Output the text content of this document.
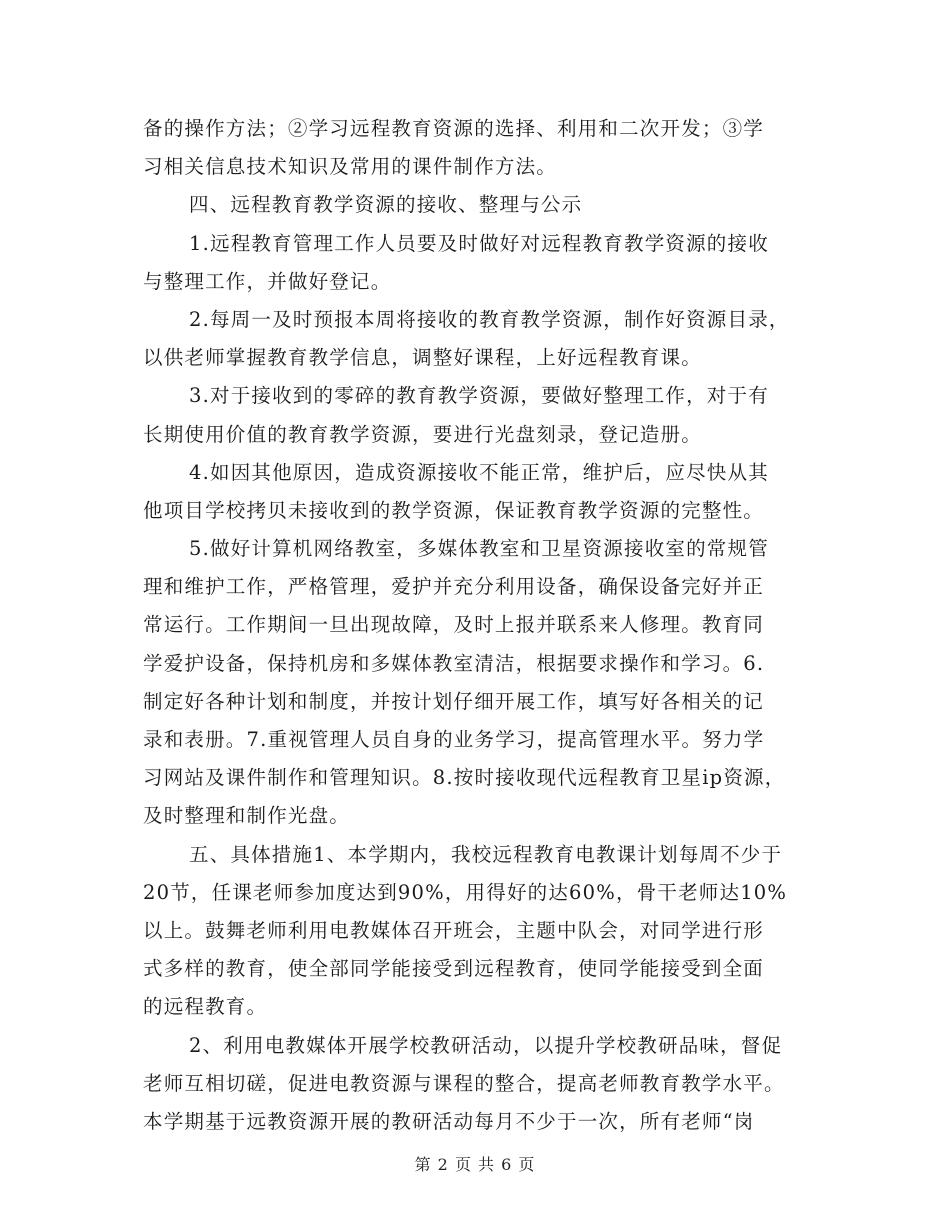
备的操作方法；②学习远程教育资源的选择、利用和二次开发；③学
习相关信息技术知识及常用的课件制作方法。
四、远程教育教学资源的接收、整理与公示
1.远程教育管理工作人员要及时做好对远程教育教学资源的接收
与整理工作，并做好登记。
2.每周一及时预报本周将接收的教育教学资源，制作好资源目录，
以供老师掌握教育教学信息，调整好课程，上好远程教育课。
3.对于接收到的零碎的教育教学资源，要做好整理工作，对于有
长期使用价值的教育教学资源，要进行光盘刻录，登记造册。
4.如因其他原因，造成资源接收不能正常，维护后，应尽快从其
他项目学校拷贝未接收到的教学资源，保证教育教学资源的完整性。
5.做好计算机网络教室，多媒体教室和卫星资源接收室的常规管
理和维护工作，严格管理，爱护并充分利用设备，确保设备完好并正
常运行。工作期间一旦出现故障，及时上报并联系来人修理。教育同
学爱护设备，保持机房和多媒体教室清洁，根据要求操作和学习。6.
制定好各种计划和制度，并按计划仔细开展工作，填写好各相关的记
录和表册。7.重视管理人员自身的业务学习，提高管理水平。努力学
习网站及课件制作和管理知识。8.按时接收现代远程教育卫星ip资源，
及时整理和制作光盘。
五、具体措施1、本学期内，我校远程教育电教课计划每周不少于
20节，任课老师参加度达到90%，用得好的达60%，骨干老师达10%
以上。鼓舞老师利用电教媒体召开班会，主题中队会，对同学进行形
式多样的教育，使全部同学能接受到远程教育，使同学能接受到全面
的远程教育。
2、利用电教媒体开展学校教研活动，以提升学校教研品味，督促
老师互相切磋，促进电教资源与课程的整合，提高老师教育教学水平。
本学期基于远教资源开展的教研活动每月不少于一次，所有老师“岗
第 2 页 共 6 页
